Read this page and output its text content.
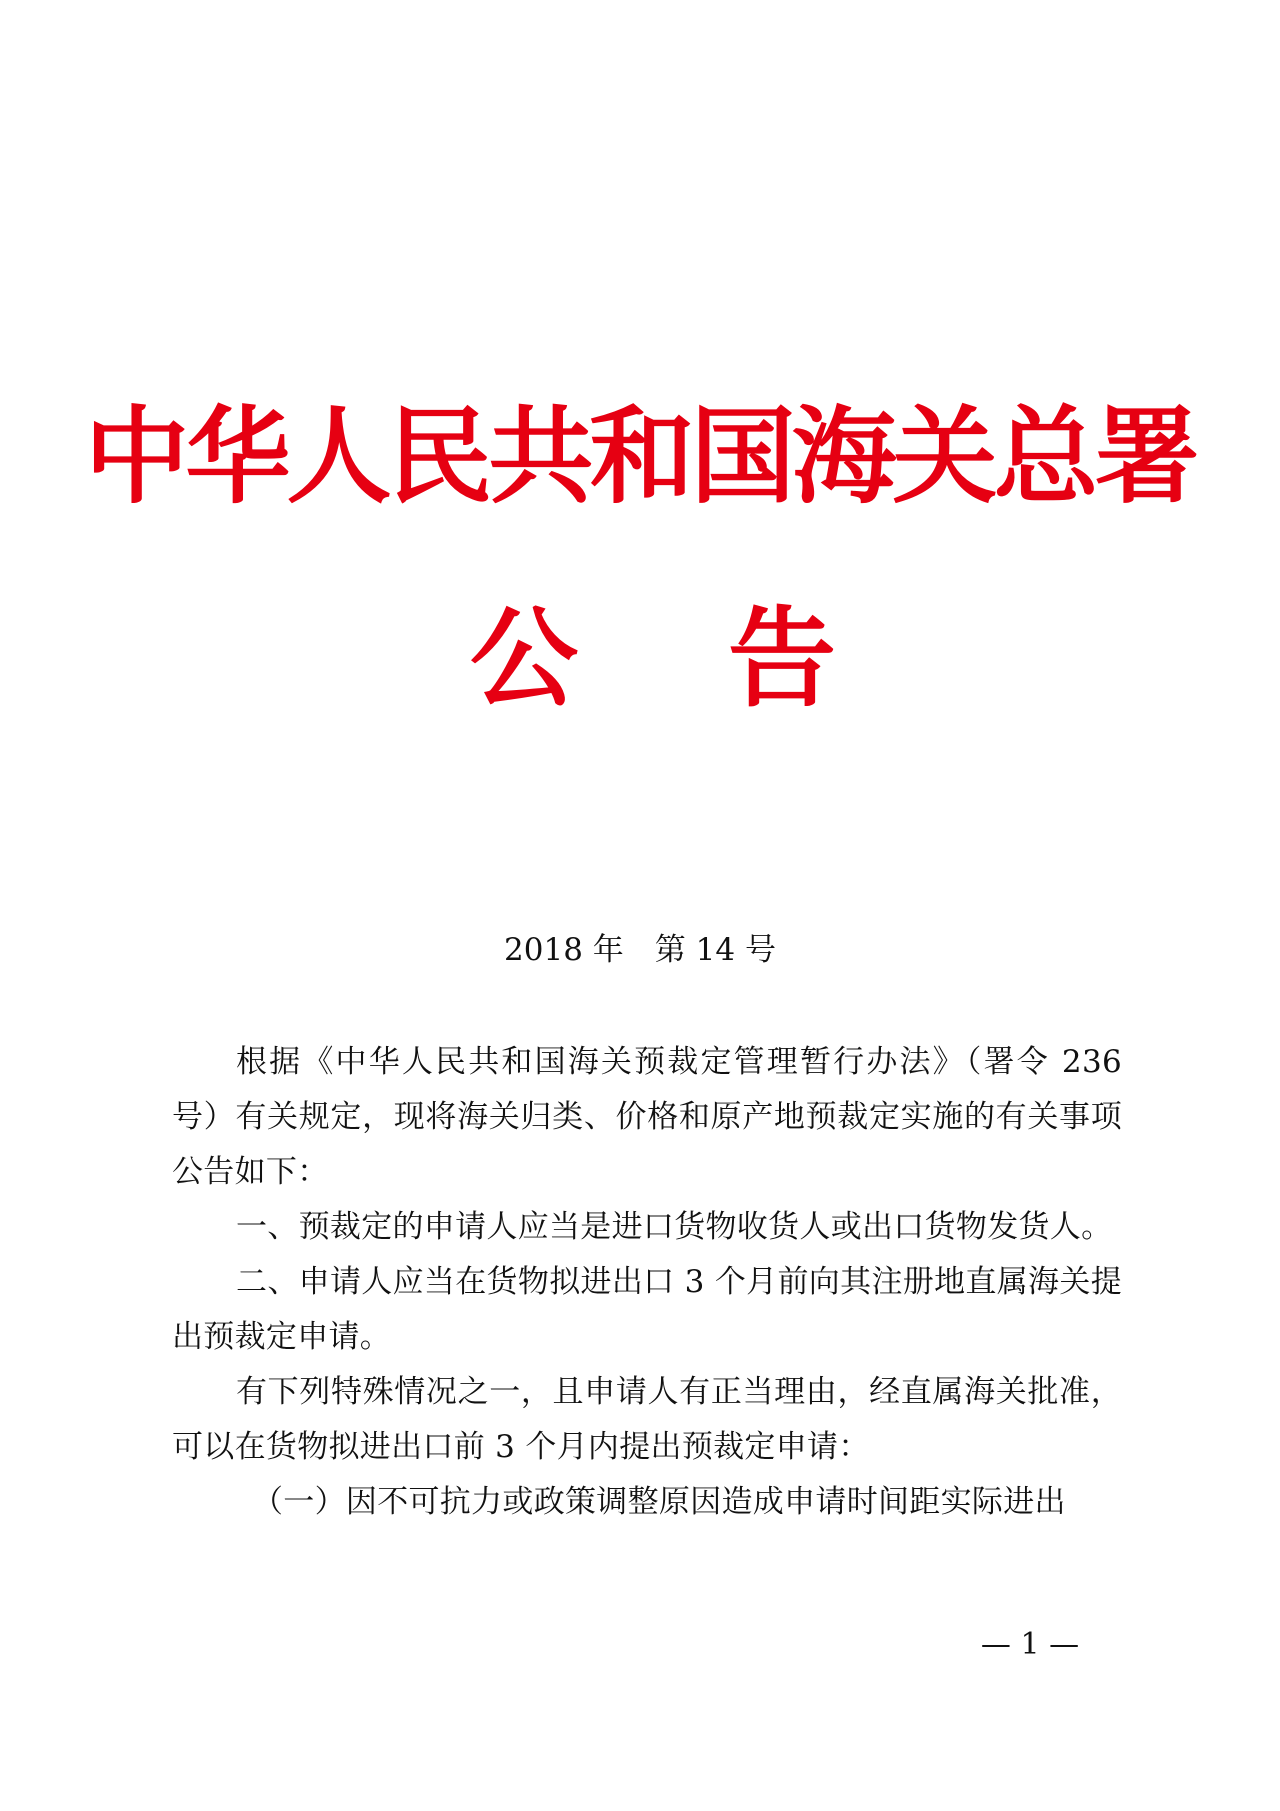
中华人民共和国海关总署
公 告
2018 年　第 14 号

根据《中华人民共和国海关预裁定管理暂行办法》（署令 236 号）有关规定，现将海关归类、价格和原产地预裁定实施的有关事项公告如下：

一、预裁定的申请人应当是进口货物收货人或出口货物发货人。

二、申请人应当在货物拟进出口 3 个月前向其注册地直属海关提出预裁定申请。

有下列特殊情况之一，且申请人有正当理由，经直属海关批准，可以在货物拟进出口前 3 个月内提出预裁定申请：

（一）因不可抗力或政策调整原因造成申请时间距实际进出

— 1 —
